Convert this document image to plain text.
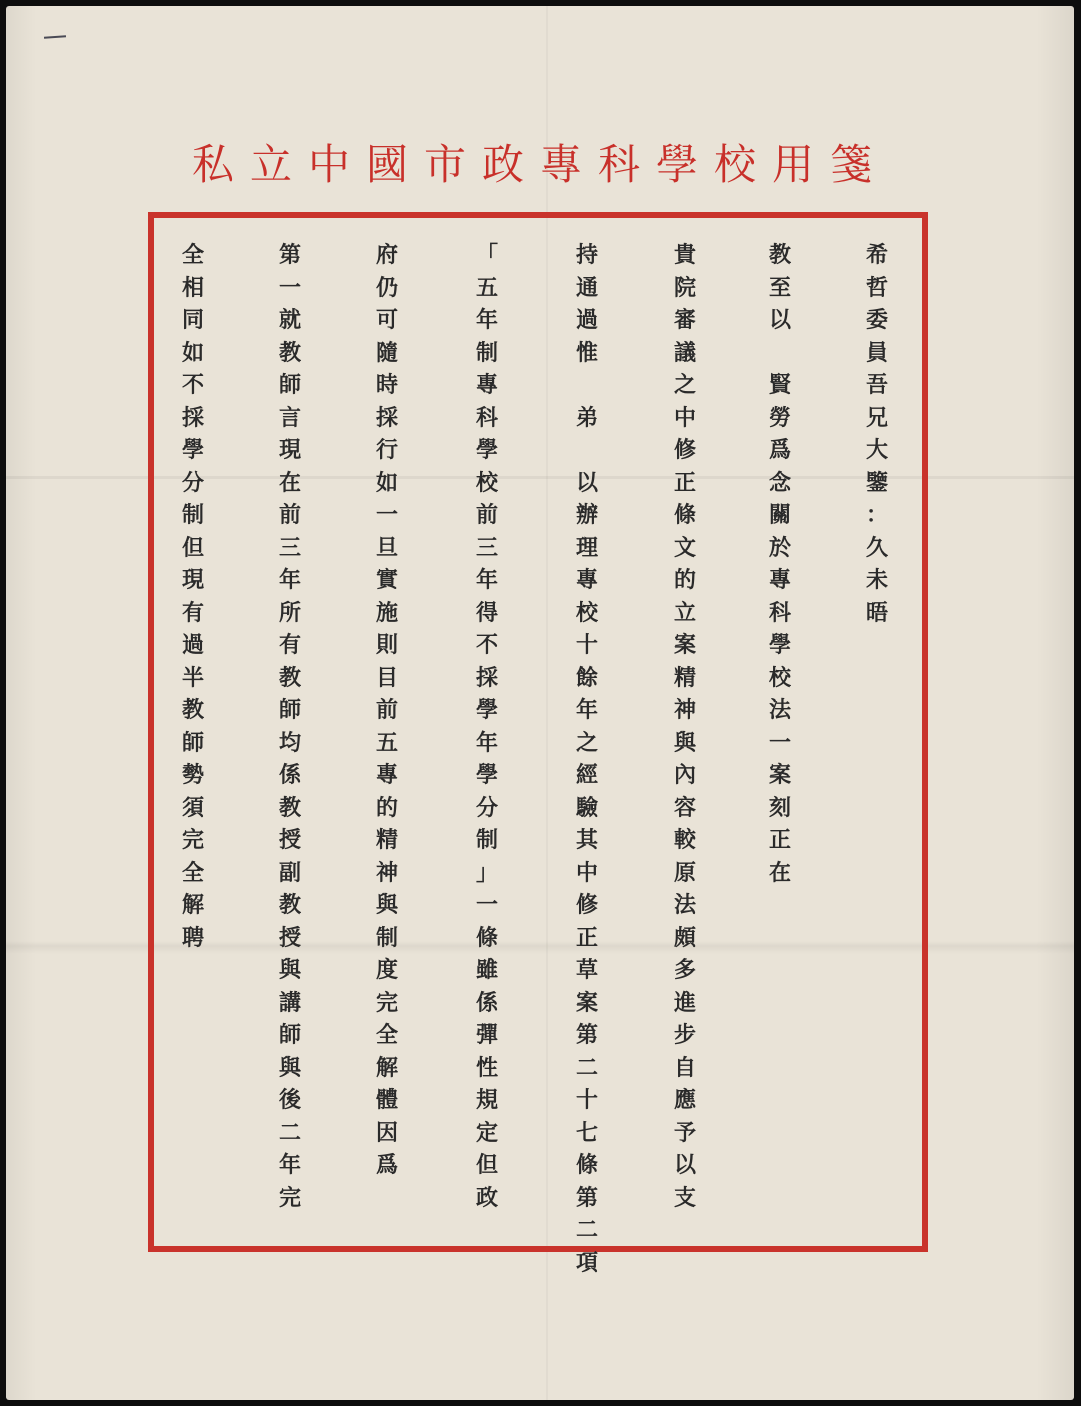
私立中國市政專科學校用箋
希
哲
委
員
吾
兄
大
鑒
：
久
未
晤
教
至
以

賢
勞
爲
念
關
於
專
科
學
校
法
一
案
刻
正
在
貴
院
審
議
之
中
修
正
條
文
的
立
案
精
神
與
內
容
較
原
法
頗
多
進
步
自
應
予
以
支
持
通
過
惟

弟

以
辦
理
專
校
十
餘
年
之
經
驗
其
中
修
正
草
案
第
二
十
七
條
第
二
項
「
五
年
制
專
科
學
校
前
三
年
得
不
採
學
年
學
分
制
」
一
條
雖
係
彈
性
規
定
但
政
府
仍
可
隨
時
採
行
如
一
旦
實
施
則
目
前
五
專
的
精
神
與
制
度
完
全
解
體
因
爲
第
一
就
教
師
言
現
在
前
三
年
所
有
教
師
均
係
教
授
副
教
授
與
講
師
與
後
二
年
完
全
相
同
如
不
採
學
分
制
但
現
有
過
半
教
師
勢
須
完
全
解
聘
